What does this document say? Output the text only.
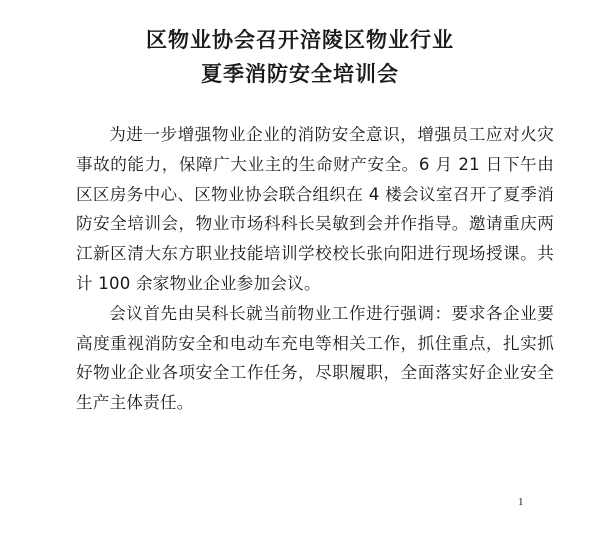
区物业协会召开涪陵区物业行业
夏季消防安全培训会

为进一步增强物业企业的消防安全意识，增强员工应对火灾事故的能力，保障广大业主的生命财产安全。6 月 21 日下午由区区房务中心、区物业协会联合组织在 4 楼会议室召开了夏季消防安全培训会，物业市场科科长吴敏到会并作指导。邀请重庆两江新区清大东方职业技能培训学校校长张向阳进行现场授课。共计 100 余家物业企业参加会议。

会议首先由吴科长就当前物业工作进行强调：要求各企业要高度重视消防安全和电动车充电等相关工作，抓住重点，扎实抓好物业企业各项安全工作任务，尽职履职，全面落实好企业安全生产主体责任。

1
